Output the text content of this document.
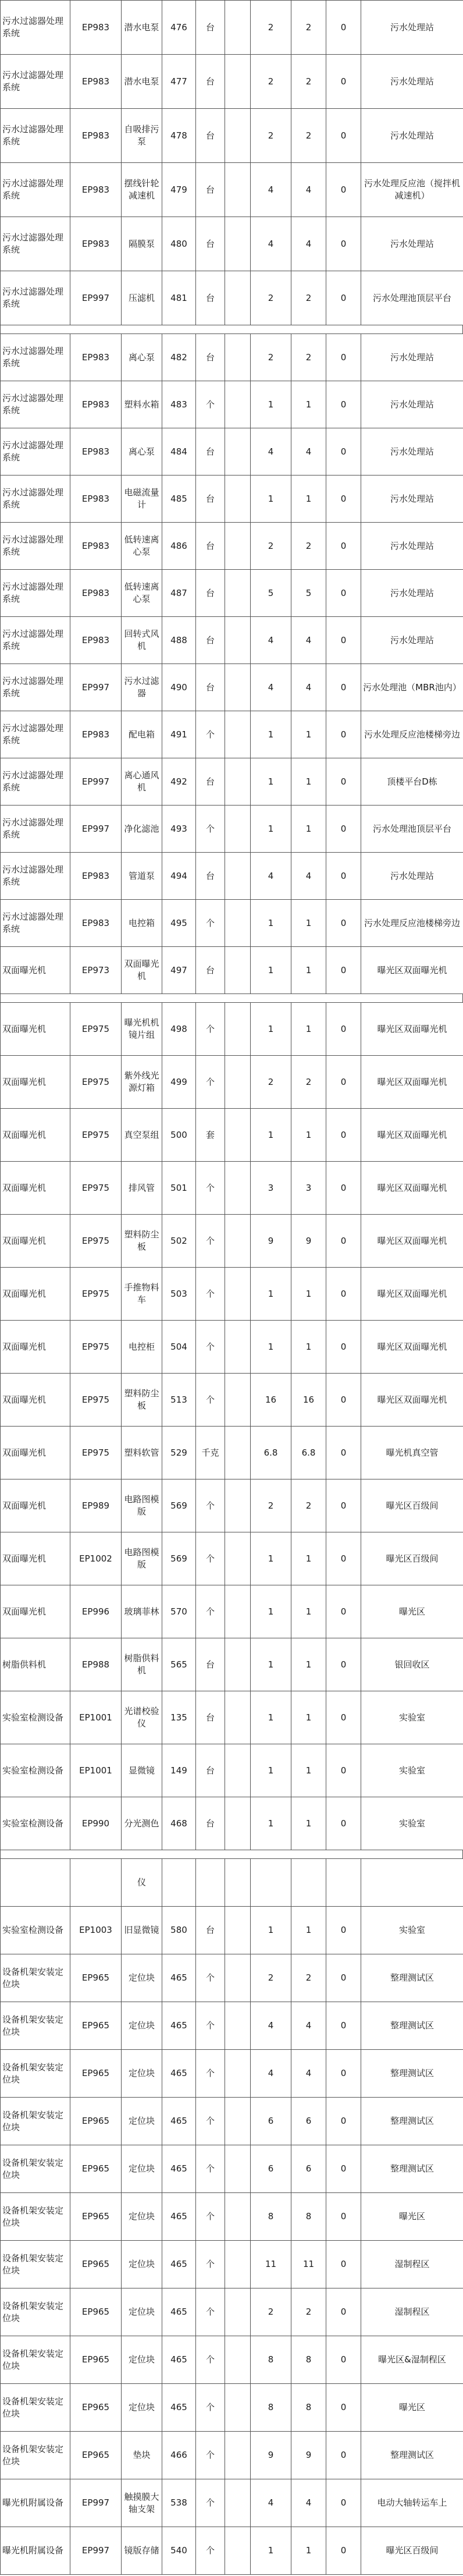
污水过滤器处理系统	EP983	潜水电泵	476	台		2	2	0	污水处理站
污水过滤器处理系统	EP983	潜水电泵	477	台		2	2	0	污水处理站
污水过滤器处理系统	EP983	自吸排污泵	478	台		2	2	0	污水处理站
污水过滤器处理系统	EP983	摆线针轮减速机	479	台		4	4	0	污水处理反应池（搅拌机减速机）
污水过滤器处理系统	EP983	隔膜泵	480	台		4	4	0	污水处理站
污水过滤器处理系统	EP997	压滤机	481	台		2	2	0	污水处理池顶层平台
污水过滤器处理系统	EP983	离心泵	482	台		2	2	0	污水处理站
污水过滤器处理系统	EP983	塑料水箱	483	个		1	1	0	污水处理站
污水过滤器处理系统	EP983	离心泵	484	台		4	4	0	污水处理站
污水过滤器处理系统	EP983	电磁流量计	485	台		1	1	0	污水处理站
污水过滤器处理系统	EP983	低转速离心泵	486	台		2	2	0	污水处理站
污水过滤器处理系统	EP983	低转速离心泵	487	台		5	5	0	污水处理站
污水过滤器处理系统	EP983	回转式风机	488	台		4	4	0	污水处理站
污水过滤器处理系统	EP997	污水过滤器	490	台		4	4	0	污水处理池（MBR池内）
污水过滤器处理系统	EP983	配电箱	491	个		1	1	0	污水处理反应池楼梯旁边
污水过滤器处理系统	EP997	离心通风机	492	台		1	1	0	顶楼平台D栋
污水过滤器处理系统	EP997	净化滤池	493	个		1	1	0	污水处理池顶层平台
污水过滤器处理系统	EP983	管道泵	494	台		4	4	0	污水处理站
污水过滤器处理系统	EP983	电控箱	495	个		1	1	0	污水处理反应池楼梯旁边
双面曝光机	EP973	双面曝光机	497	台		1	1	0	曝光区双面曝光机
双面曝光机	EP975	曝光机机镜片组	498	个		1	1	0	曝光区双面曝光机
双面曝光机	EP975	紫外线光源灯箱	499	个		2	2	0	曝光区双面曝光机
双面曝光机	EP975	真空泵组	500	套		1	1	0	曝光区双面曝光机
双面曝光机	EP975	排风管	501	个		3	3	0	曝光区双面曝光机
双面曝光机	EP975	塑料防尘板	502	个		9	9	0	曝光区双面曝光机
双面曝光机	EP975	手推物料车	503	个		1	1	0	曝光区双面曝光机
双面曝光机	EP975	电控柜	504	个		1	1	0	曝光区双面曝光机
双面曝光机	EP975	塑料防尘板	513	个		16	16	0	曝光区双面曝光机
双面曝光机	EP975	塑料软管	529	千克		6.8	6.8	0	曝光机真空管
双面曝光机	EP989	电路图模版	569	个		2	2	0	曝光区百级间
双面曝光机	EP1002	电路图模版	569	个		1	1	0	曝光区百级间
双面曝光机	EP996	玻璃菲林	570	个		1	1	0	曝光区
树脂供料机	EP988	树脂供料机	565	台		1	1	0	银回收区
实验室检测设备	EP1001	光谱校验仪	135	台		1	1	0	实验室
实验室检测设备	EP1001	显微镜	149	台		1	1	0	实验室
实验室检测设备	EP990	分光测色	468	台		1	1	0	实验室
		仪							
实验室检测设备	EP1003	旧显微镜	580	台		1	1	0	实验室
设备机架安装定位块	EP965	定位块	465	个		2	2	0	整理测试区
设备机架安装定位块	EP965	定位块	465	个		4	4	0	整理测试区
设备机架安装定位块	EP965	定位块	465	个		4	4	0	整理测试区
设备机架安装定位块	EP965	定位块	465	个		6	6	0	整理测试区
设备机架安装定位块	EP965	定位块	465	个		6	6	0	整理测试区
设备机架安装定位块	EP965	定位块	465	个		8	8	0	曝光区
设备机架安装定位块	EP965	定位块	465	个		11	11	0	湿制程区
设备机架安装定位块	EP965	定位块	465	个		2	2	0	湿制程区
设备机架安装定位块	EP965	定位块	465	个		8	8	0	曝光区&湿制程区
设备机架安装定位块	EP965	定位块	465	个		8	8	0	曝光区
设备机架安装定位块	EP965	垫块	466	个		9	9	0	整理测试区
曝光机附属设备	EP997	触摸膜大轴支架	538	个		4	4	0	电动大轴转运车上
曝光机附属设备	EP997	镜版存储	540	个		1	1	0	曝光区百级间
